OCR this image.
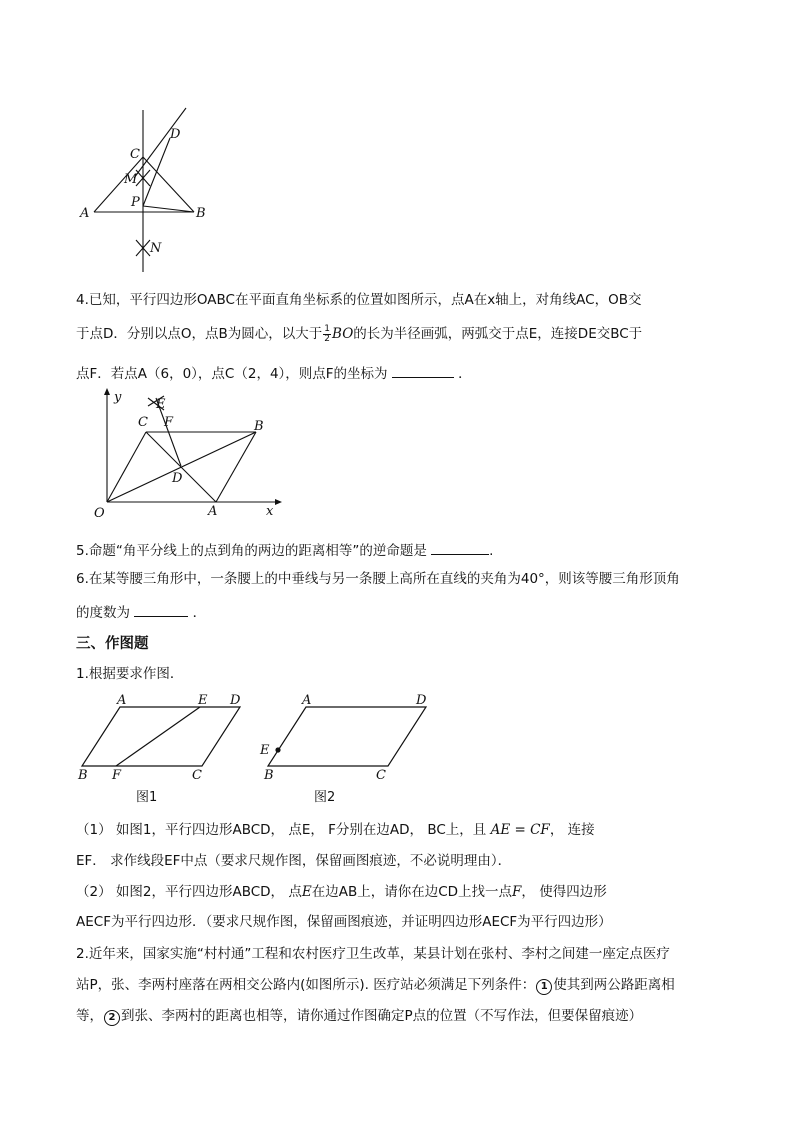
A	B
C
D
M
P
N
4.已知，平行四边形OABC在平面直角坐标系的位置如图所示，点A在x轴上，对角线AC，OB交
于点D．分别以点O，点B为圆心，以大于 $\frac{1}{2}$ BO的长为半径画弧，两弧交于点E，连接DE交BC于
点F．若点A（6，0），点C（2，4），则点F的坐标为	．
y
x
O	A
B
C
D
E
F
5.命题“角平分线上的点到角的两边的距离相等”的逆命题是	.
6.在某等腰三角形中，一条腰上的中垂线与另一条腰上高所在直线的夹角为40°，则该等腰三角形顶角
的度数为	．
三、作图题
1.根据要求作图．
A	E D
B F	C
A	D
E
B	C
图1	图2
（1） 如图1，平行四边形ABCD， 点E， F分别在边AD， BC上，且 AE = CF， 连接
EF． 求作线段EF中点（要求尺规作图，保留画图痕迹，不必说明理由）．
（2） 如图2，平行四边形ABCD， 点E在边AB上，请你在边CD上找一点F， 使得四边形
AECF为平行四边形．（要求尺规作图，保留画图痕迹，并证明四边形AECF为平行四边形）
2.近年来，国家实施“村村通”工程和农村医疗卫生改革，某县计划在张村、李村之间建一座定点医疗
站P，张、李两村座落在两相交公路内(如图所示). 医疗站必须满足下列条件： 1 使其到两公路距离相
等， 2 到张、李两村的距离也相等，请你通过作图确定P点的位置（不写作法，但要保留痕迹）
